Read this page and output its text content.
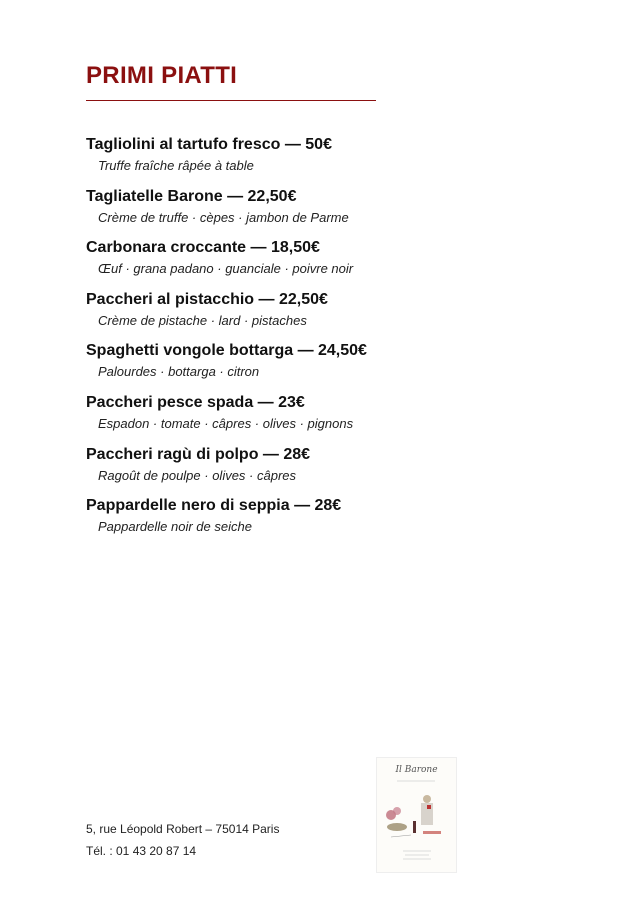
PRIMI PIATTI
Tagliolini al tartufo fresco — 50€
Truffe fraîche râpée à table
Tagliatelle Barone — 22,50€
Crème de truffe · cèpes · jambon de Parme
Carbonara croccante — 18,50€
Œuf · grana padano · guanciale · poivre noir
Paccheri al pistacchio — 22,50€
Crème de pistache · lard · pistaches
Spaghetti vongole bottarga — 24,50€
Palourdes · bottarga · citron
Paccheri pesce spada — 23€
Espadon · tomate · câpres · olives · pignons
Paccheri ragù di polpo — 28€
Ragoût de poulpe · olives · câpres
Pappardelle nero di seppia — 28€
Pappardelle noir de seiche
5, rue Léopold Robert – 75014 Paris
Tél. : 01 43 20 87 14
Il Barone
